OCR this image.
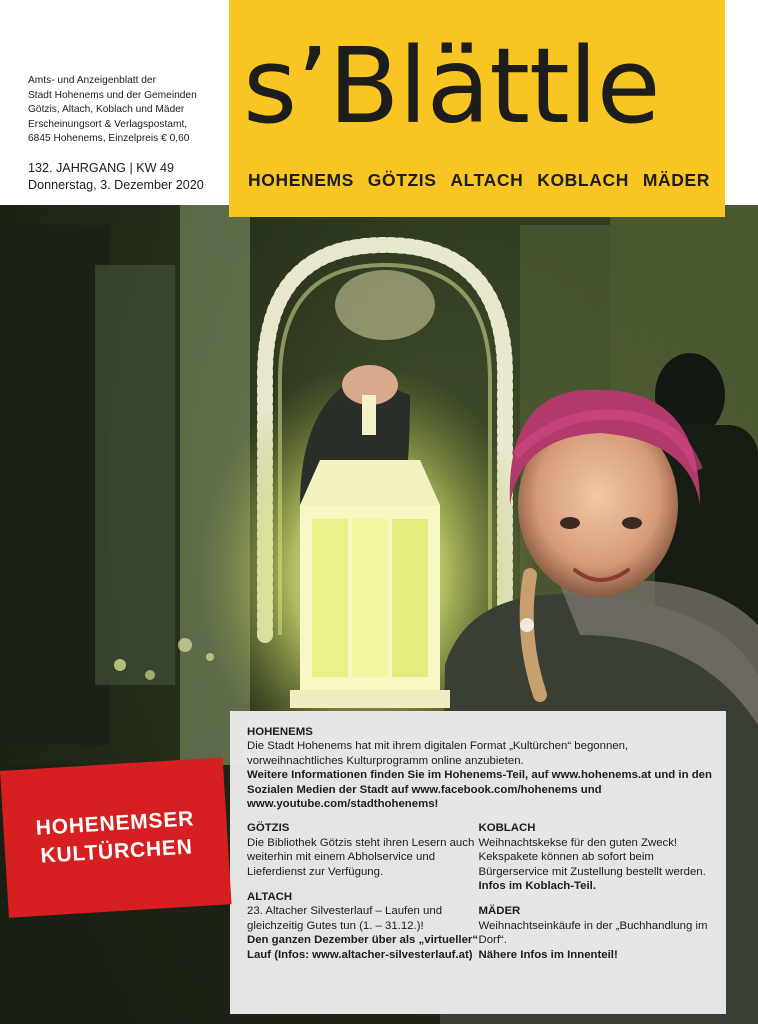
Amts- und Anzeigenblatt der
Stadt Hohenems und der Gemeinden
Götzis, Altach, Koblach und Mäder
Erscheinungsort & Verlagspostamt,
6845 Hohenems, Einzelpreis € 0,60
132. JAHRGANG | KW 49
Donnerstag, 3. Dezember 2020
s’Blättle
HOHENEMS GÖTZIS ALTACH KOBLACH MÄDER
HOHENEMS
Die Stadt Hohenems hat mit ihrem digitalen Format „Kultürchen“ begonnen, vorweihnachtliches Kulturprogramm online anzubieten.
Weitere Informationen finden Sie im Hohenems-Teil, auf www.hohenems.at und in den Sozialen Medien der Stadt auf www.facebook.com/hohenems und www.youtube.com/stadthohenems!
GÖTZIS
Die Bibliothek Götzis steht ihren Lesern auch weiterhin mit einem Abholservice und Lieferdienst zur Verfügung.
ALTACH
23. Altacher Silvesterlauf – Laufen und gleichzeitig Gutes tun (1. – 31.12.)!
Den ganzen Dezember über als „virtueller“ Lauf (Infos: www.altacher-silvesterlauf.at)
KOBLACH
Weihnachtskekse für den guten Zweck! Kekspakete können ab sofort beim Bürgerservice mit Zustellung bestellt werden.
Infos im Koblach-Teil.
MÄDER
Weihnachtseinkäufe in der „Buchhandlung im Dorf“.
Nähere Infos im Innenteil!
HOHENEMSER
KULTÜRCHEN
